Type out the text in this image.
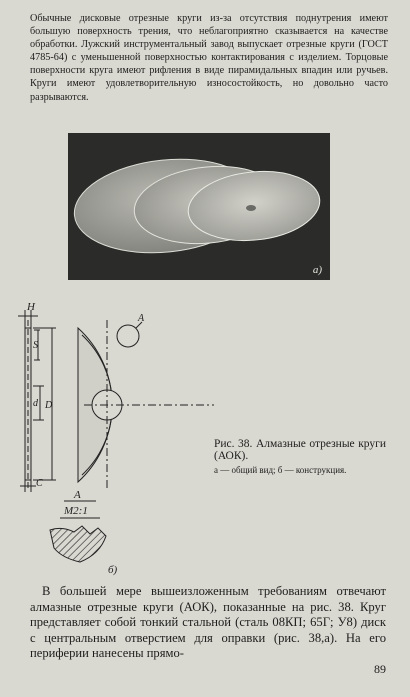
Обычные дисковые отрезные круги из-за отсутствия поднутрения имеют большую поверхность трения, что неблагоприятно сказывается на качестве обработки. Лужский инструментальный завод выпускает отрезные круги (ГОСТ 4785-64) с уменьшенной поверхностью контактирования с изделием. Торцовые поверхности круга имеют рифления в виде пирамидальных впадин или ручьев. Круги имеют удовлетворительную износостойкость, но довольно часто разрываются.
а)
H
S
d D
C
A
A
M2:1
б)
Рис. 38. Алмазные отрезные круги (АОК).
а — общий вид; б — конструкция.
В большей мере вышеизложенным требованиям отвечают алмазные отрезные круги (АОК), показанные на рис. 38. Круг представляет собой тонкий стальной (сталь 08КП; 65Г; У8) диск с центральным отверстием для оправки (рис. 38,а). На его периферии нанесены прямо-
89
